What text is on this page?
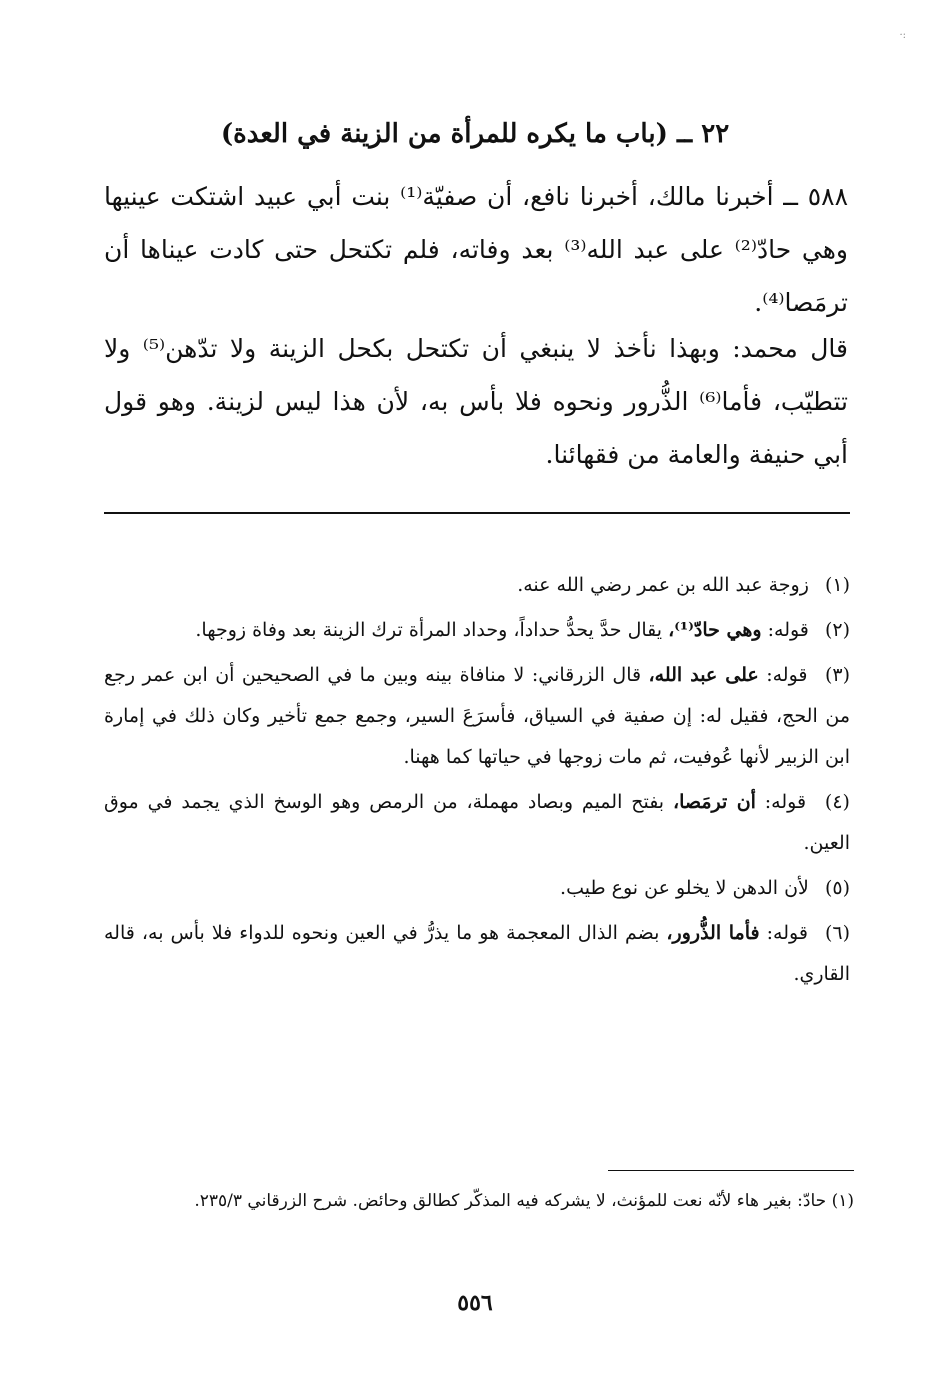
·:
٢٢ ــ (باب ما يكره للمرأة من الزينة في العدة)
٥٨٨ ــ أخبرنا مالك، أخبرنا نافع، أن صفيّة⁽¹⁾ بنت أبي عبيد اشتكت عينيها وهي حادّ⁽²⁾ على عبد الله⁽³⁾ بعد وفاته، فلم تكتحل حتى كادت عيناها أن ترمَصا⁽⁴⁾.
قال محمد: وبهذا نأخذ لا ينبغي أن تكتحل بكحل الزينة ولا تدّهن⁽⁵⁾ ولا تتطيّب، فأما⁽⁶⁾ الذُّرور ونحوه فلا بأس به، لأن هذا ليس لزينة. وهو قول أبي حنيفة والعامة من فقهائنا.

(١) زوجة عبد الله بن عمر رضي الله عنه.

(٢) قوله: وهي حادّ⁽¹⁾، يقال حدَّ يحدُّ حداداً، وحداد المرأة ترك الزينة بعد وفاة زوجها.

(٣) قوله: على عبد الله، قال الزرقاني: لا منافاة بينه وبين ما في الصحيحين أن ابن عمر رجع من الحج، فقيل له: إن صفية في السياق، فأسرَعَ السير، وجمع جمع تأخير وكان ذلك في إمارة ابن الزبير لأنها عُوفيت، ثم مات زوجها في حياتها كما ههنا.

(٤) قوله: أن ترمَصا، بفتح الميم وبصاد مهملة، من الرمص وهو الوسخ الذي يجمد في موق العين.

(٥) لأن الدهن لا يخلو عن نوع طيب.

(٦) قوله: فأما الذُّرور، بضم الذال المعجمة هو ما يذرُّ في العين ونحوه للدواء فلا بأس به، قاله القاري.

(١) حادّ: بغير هاء لأنّه نعت للمؤنث، لا يشركه فيه المذكّر كطالق وحائض. شرح الزرقاني ٢٣٥/٣.
٥٥٦
